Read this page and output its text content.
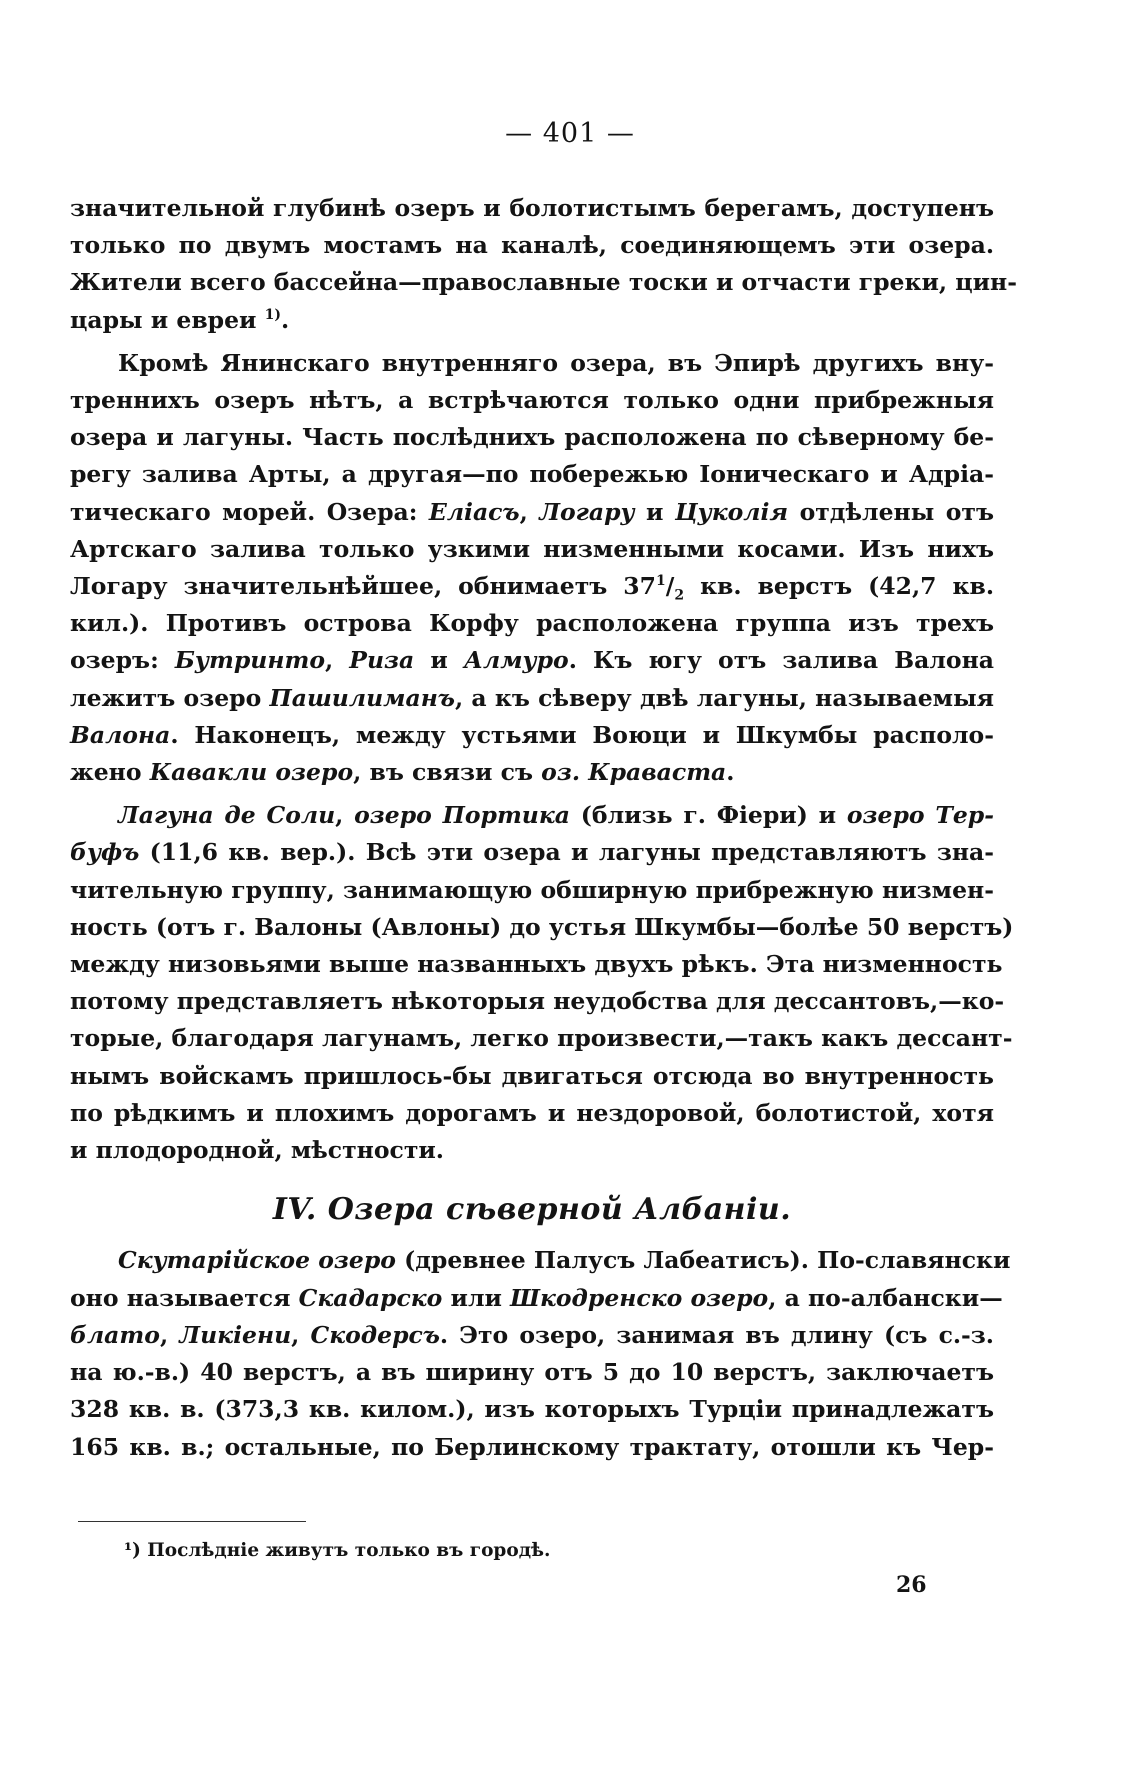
— 401 —
значительной глубинѣ озеръ и болотистымъ берегамъ, доступенъ
только по двумъ мостамъ на каналѣ, соединяющемъ эти озера.
Жители всего бассейна—православные тоски и отчасти греки, цин-
цары и евреи $^{1)}$.
Кромѣ Янинскаго внутренняго озера, въ Эпирѣ другихъ вну-
треннихъ озеръ нѣтъ, а встрѣчаются только одни прибрежныя
озера и лагуны. Часть послѣднихъ расположена по сѣверному бе-
регу залива Арты, а другая—по побережью Іоническаго и Адріа-
тическаго морей. Озера: Еліасъ, Логару и Цуколія отдѣлены отъ
Артскаго залива только узкими низменными косами. Изъ нихъ
Логару значительнѣйшее, обнимаетъ $37^1/_2$ кв. верстъ (42,7 кв.
кил.). Противъ острова Корфу расположена группа изъ трехъ
озеръ: Бутринто, Риза и Алмуро. Къ югу отъ залива Валона
лежитъ озеро Пашилиманъ, а къ сѣверу двѣ лагуны, называемыя
Валона. Наконецъ, между устьями Воюци и Шкумбы располо-
жено Кавакли озеро, въ связи съ оз. Кравaста.
Лагуна де Соли, озеро Портика (близь г. Фіери) и озеро Тер-
буфъ (11,6 кв. вер.). Всѣ эти озера и лагуны представляютъ зна-
чительную группу, занимающую обширную прибрежную низмен-
ность (отъ г. Валоны (Авлоны) до устья Шкумбы—болѣе 50 верстъ)
между низовьями выше названныхъ двухъ рѣкъ. Эта низменность
потому представляетъ нѣкоторыя неудобства для дессантовъ,—ко-
торые, благодаря лагунамъ, легко произвести,—такъ какъ дессант-
нымъ войскамъ пришлось-бы двигаться отсюда во внутренность
по рѣдкимъ и плохимъ дорогамъ и нездоровой, болотистой, хотя
и плодородной, мѣстности.
IV. Озера сѣверной Албаніи.
Скутарійское озеро (древнее Палусъ Лабеатисъ). По-славянски
оно называется Скадарско или Шкодренско озеро, а по-албански—
блато, Ликіени, Скодерсъ. Это озеро, занимая въ длину (съ с.-з.
на ю.-в.) 40 верстъ, а въ ширину отъ 5 до 10 верстъ, заключаетъ
328 кв. в. (373,3 кв. килом.), изъ которыхъ Турціи принадлежатъ
165 кв. в.; остальные, по Берлинскому трактату, отошли къ Чер-
¹) Послѣдніе живутъ только въ городѣ.
26
